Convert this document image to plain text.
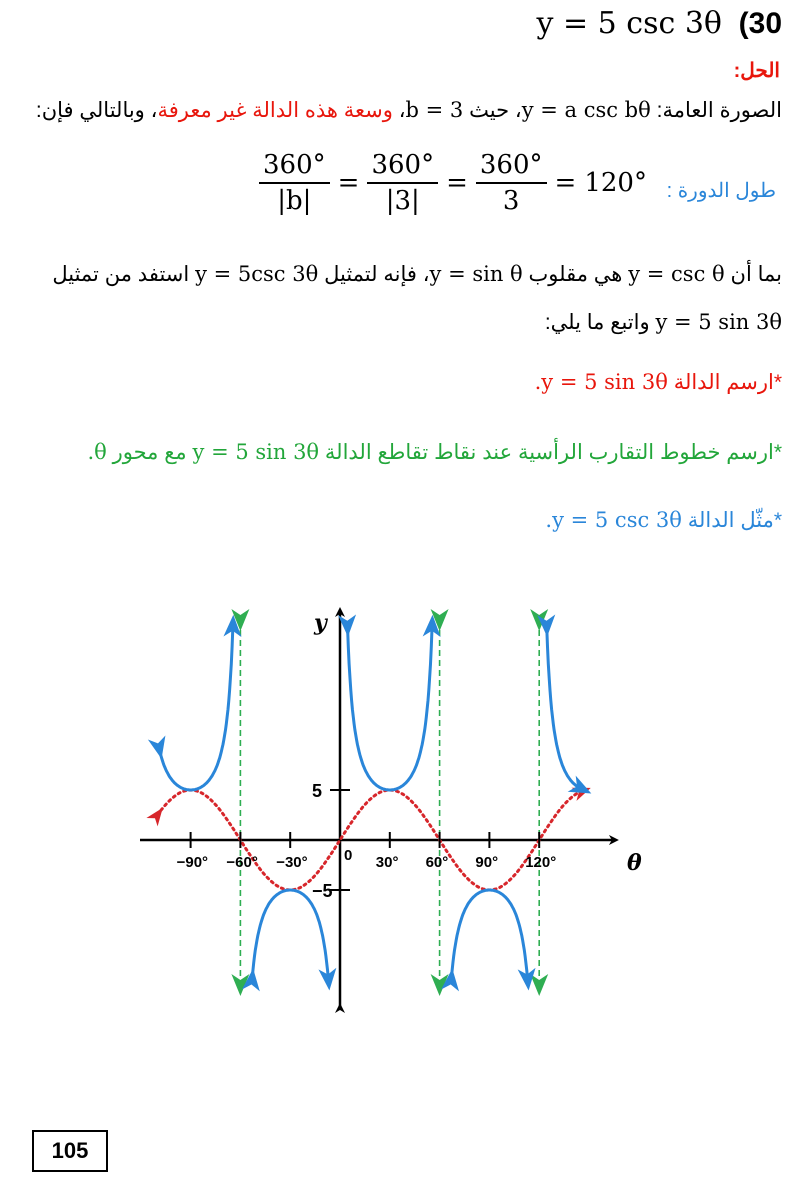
y = 5 csc 3θ (30
الحل:
الصورة العامة: y = a csc bθ، حيث b = 3، وسعة هذه الدالة غير معرفة، وبالتالي فإن:
طول الدورة :
$\frac{360^\circ}{|b|} = \frac{360^\circ}{|3|} = \frac{360^\circ}{3} = 120^\circ$
بما أن y = csc θ هي مقلوب y = sin θ، فإنه لتمثيل y = 5csc 3θ استفد من تمثيل
y = 5 sin 3θ واتبع ما يلي:
*ارسم الدالة .y = 5 sin 3θ
*ارسم خطوط التقارب الرأسية عند نقاط تقاطع الدالة y = 5 sin 3θ مع محور .θ
*مثّل الدالة .y = 5 csc 3θ
θ
y
−90° −60° −30°	30° 60° 90° 120°
0
5
−5
105
